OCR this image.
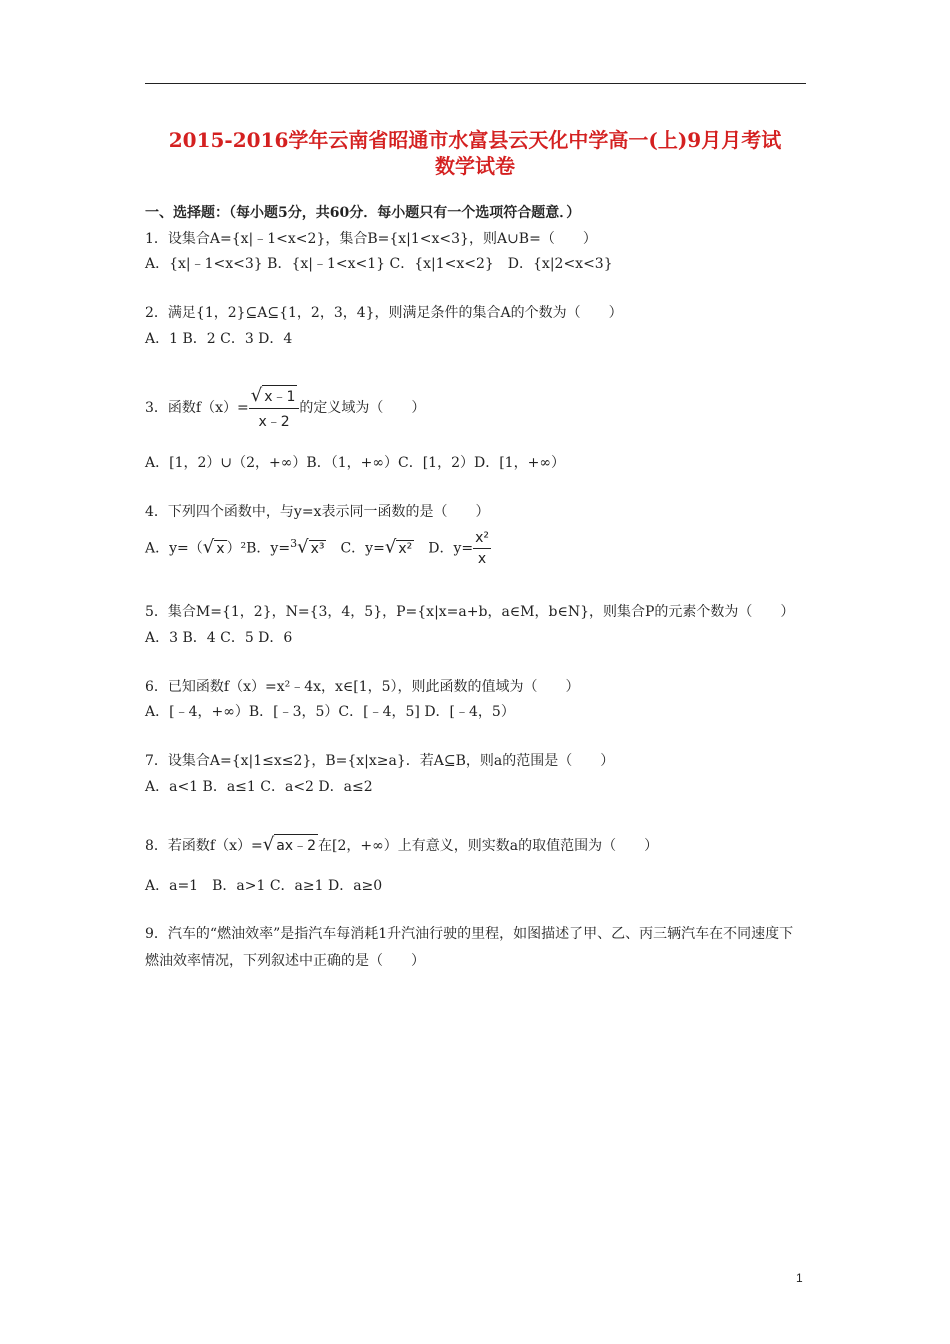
2015-2016学年云南省昭通市水富县云天化中学高一(上)9月月考试
数学试卷
一、选择题：（每小题5分，共60分．每小题只有一个选项符合题意．）
1．设集合A={x|﹣1<x<2}，集合B={x|1<x<3}，则A∪B=（　　）
A．{x|﹣1<x<3} B．{x|﹣1<x<1} C．{x|1<x<2}　D．{x|2<x<3}
2．满足{1，2}⊆A⊆{1，2，3，4}，则满足条件的集合A的个数为（　　）
A．1 B．2 C．3 D．4
3．函数$f(x)= \frac{√ x﹣1}{x﹣2}$ 的定义域为（　　）
A．[1，2）∪（2，+∞）B．（1，+∞）C．[1，2）D．[1，+∞）
4．下列四个函数中，与y=x表示同一函数的是（　　）
A．y=（√ x ）²B．y=$^3$√ x³　C．y=√ x²　D．$y= \frac{\text{x²}}{x}$
5．集合M={1，2}，N={3，4，5}，P={x|x=a+b，a∈M，b∈N}，则集合P的元素个数为（　　）
A．3 B．4 C．5 D．6
6．已知函数f（x）=x²﹣4x，x∈[1，5），则此函数的值域为（　　）
A．[﹣4，+∞）B．[﹣3，5）C．[﹣4，5] D．[﹣4，5）
7．设集合A={x|1≤x≤2}，B={x|x≥a}．若A⊆B，则a的范围是（　　）
A．a<1 B．a≤1 C．a<2 D．a≤2
8．若函数f（x）=√ ax﹣2 在[2，+∞）上有意义，则实数a的取值范围为（　　）
A．a=1　B．a>1 C．a≥1 D．a≥0
9．汽车的“燃油效率”是指汽车每消耗1升汽油行驶的里程，如图描述了甲、乙、丙三辆汽车在不同速度下燃油效率情况，下列叙述中正确的是（　　）
1
